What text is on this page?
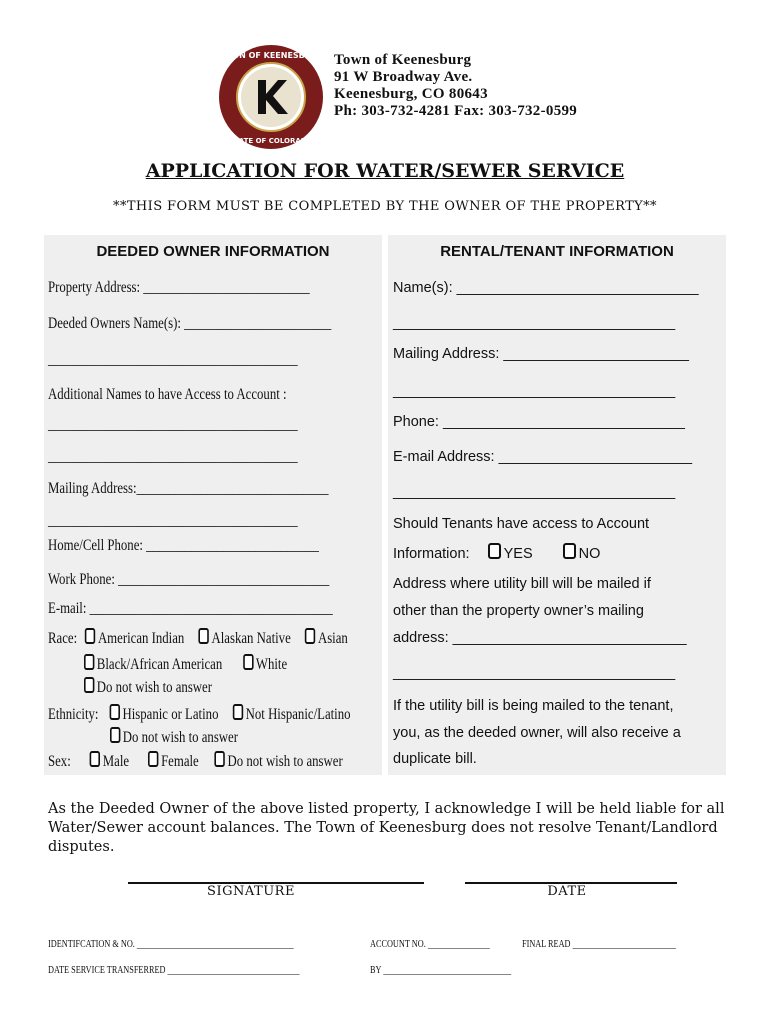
TOWN OF KEENESBURG
STATE OF COLORADO
Town of Keenesburg
91 W Broadway Ave.
Keenesburg, CO 80643
Ph: 303-732-4281 Fax: 303-732-0599
APPLICATION FOR WATER/SEWER SERVICE
**THIS FORM MUST BE COMPLETED BY THE OWNER OF THE PROPERTY**
DEEDED OWNER INFORMATION	RENTAL/TENANT INFORMATION
Property Address: __________________________
Deeded Owners Name(s): _______________________
_______________________________________
Additional Names to have Access to Account :
_______________________________________
_______________________________________
Mailing Address:______________________________
_______________________________________
Home/Cell Phone: ___________________________
Work Phone: _________________________________
E-mail: ______________________________________
Race: American Indian Alaskan Native Asian
Black/African American White
Do not wish to answer
Ethnicity: Hispanic or Latino Not Hispanic/Latino
Do not wish to answer
Sex: Male Female Do not wish to answer
Name(s): ______________________________
___________________________________
Mailing Address: _______________________
___________________________________
Phone: ______________________________
E-mail Address: ________________________
___________________________________
Should Tenants have access to Account
Information: YES	NO
Address where utility bill will be mailed if
other than the property owner’s mailing
address: _____________________________
___________________________________
If the utility bill is being mailed to the tenant,
you, as the deeded owner, will also receive a
duplicate bill.
As the Deeded Owner of the above listed property, I acknowledge I will be held liable for all Water/Sewer account balances. The Town of Keenesburg does not resolve Tenant/Landlord disputes.
SIGNATURE	DATE
IDENTIFCATION & NO. ______________________________________	ACCOUNT NO. _______________	FINAL READ _________________________
DATE SERVICE TRANSFERRED ________________________________	BY _______________________________
